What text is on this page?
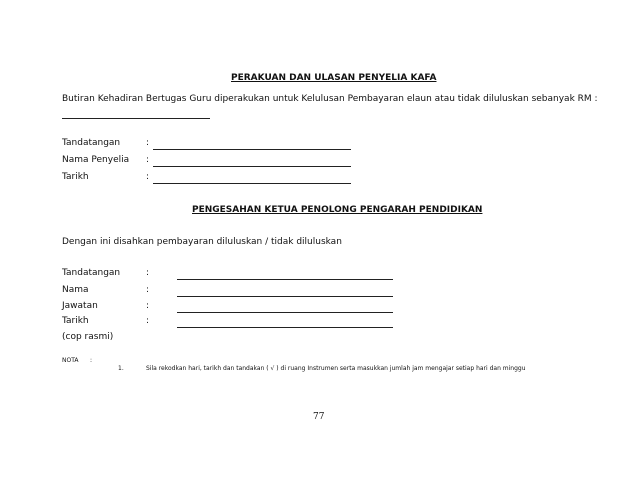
PERAKUAN DAN ULASAN PENYELIA KAFA
Butiran Kehadiran Bertugas Guru diperakukan untuk Kelulusan Pembayaran elaun atau tidak diluluskan sebanyak RM :
Tandatangan	:
Nama Penyelia :
Tarikh	:
PENGESAHAN KETUA PENOLONG PENGARAH PENDIDIKAN
Dengan ini disahkan pembayaran diluluskan / tidak diluluskan
Tandatangan	:
Nama	:
Jawatan	:
Tarikh	:
(cop rasmi)
NOTA :
1.	Sila rekodkan hari, tarikh dan tandakan ( √ ) di ruang Instrumen serta masukkan jumlah jam mengajar setiap hari dan minggu
77
